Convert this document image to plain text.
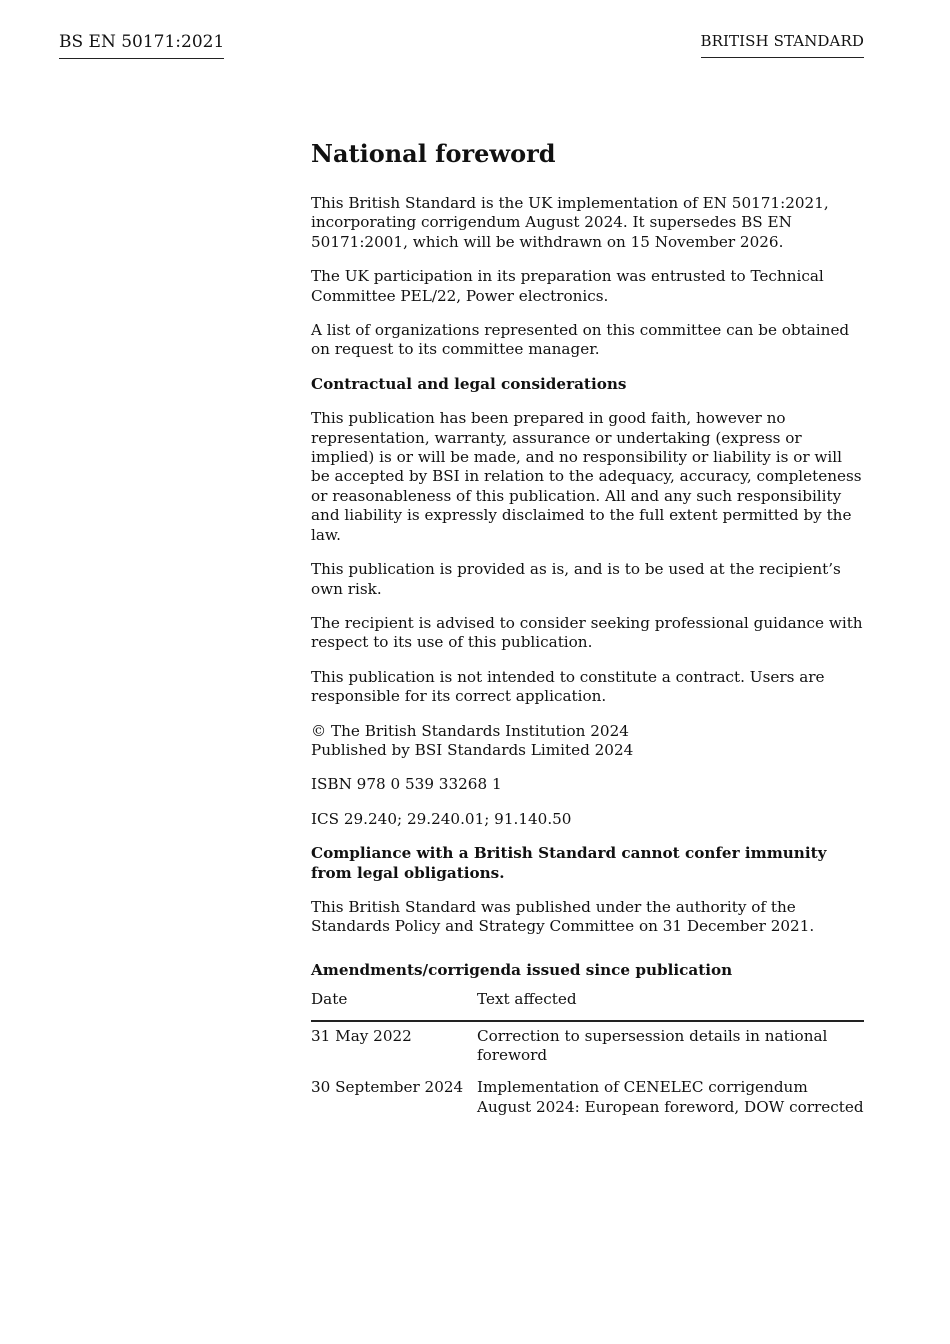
BS EN 50171:2021	BRITISH STANDARD
National foreword

This British Standard is the UK implementation of EN 50171:2021, incorporating corrigendum August 2024. It supersedes BS EN 50171:2001, which will be withdrawn on 15 November 2026.

The UK participation in its preparation was entrusted to Technical Committee PEL/22, Power electronics.

A list of organizations represented on this committee can be obtained on request to its committee manager.

Contractual and legal considerations

This publication has been prepared in good faith, however no representation, warranty, assurance or undertaking (express or implied) is or will be made, and no responsibility or liability is or will be accepted by BSI in relation to the adequacy, accuracy, completeness or reasonableness of this publication. All and any such responsibility and liability is expressly disclaimed to the full extent permitted by the law.

This publication is provided as is, and is to be used at the recipient’s own risk.

The recipient is advised to consider seeking professional guidance with respect to its use of this publication.

This publication is not intended to constitute a contract. Users are responsible for its correct application.

© The British Standards Institution 2024
Published by BSI Standards Limited 2024

ISBN 978 0 539 33268 1

ICS 29.240; 29.240.01; 91.140.50

Compliance with a British Standard cannot confer immunity from legal obligations.

This British Standard was published under the authority of the Standards Policy and Strategy Committee on 31 December 2021.

Amendments/corrigenda issued since publication
Date	Text affected
31 May 2022	Correction to supersession details in national foreword
30 September 2024	Implementation of CENELEC corrigendum August 2024: European foreword, DOW corrected
